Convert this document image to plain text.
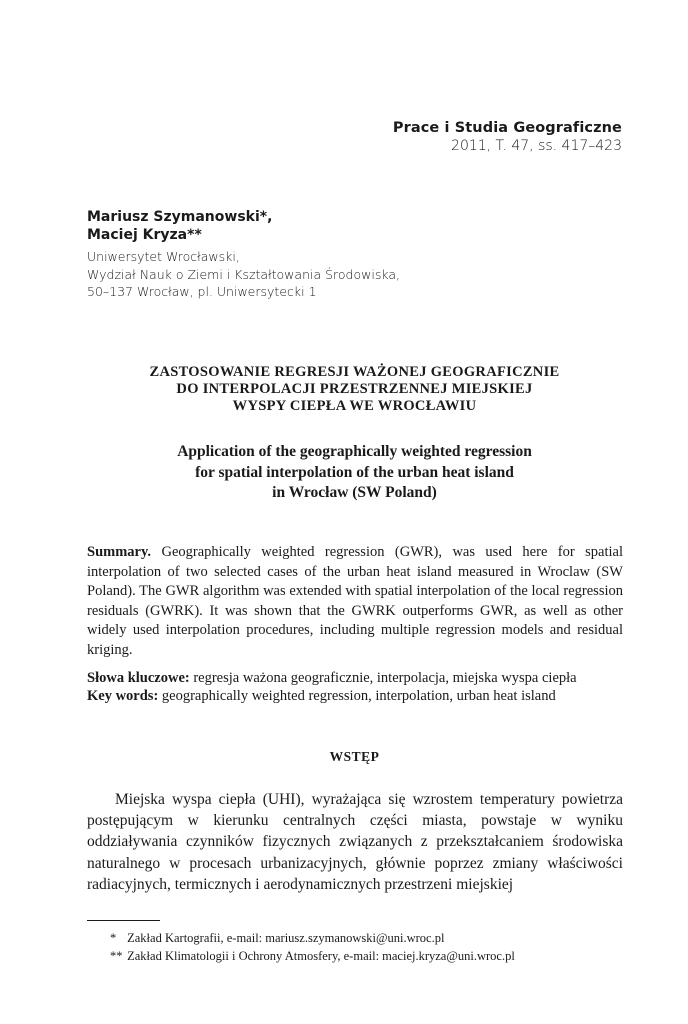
Prace i Studia Geograficzne
2011, T. 47, ss. 417–423
Mariusz Szymanowski*,
Maciej Kryza**
Uniwersytet Wrocławski,
Wydział Nauk o Ziemi i Kształtowania Środowiska,
50–137 Wrocław, pl. Uniwersytecki 1
ZASTOSOWANIE REGRESJI WAŻONEJ GEOGRAFICZNIE
DO INTERPOLACJI PRZESTRZENNEJ MIEJSKIEJ
WYSPY CIEPŁA WE WROCŁAWIU
Application of the geographically weighted regression
for spatial interpolation of the urban heat island
in Wrocław (SW Poland)
Summary. Geographically weighted regression (GWR), was used here for spatial interpolation of two selected cases of the urban heat island measured in Wroclaw (SW Poland). The GWR algorithm was extended with spatial interpolation of the local regression residuals (GWRK). It was shown that the GWRK outperforms GWR, as well as other widely used interpolation procedures, including multiple regression models and residual kriging.
Słowa kluczowe: regresja ważona geograficznie, interpolacja, miejska wyspa ciepła
Key words: geographically weighted regression, interpolation, urban heat island
WSTĘP
Miejska wyspa ciepła (UHI), wyrażająca się wzrostem temperatury powietrza postępującym w kierunku centralnych części miasta, powstaje w wyniku oddziaływania czynników fizycznych związanych z przekształcaniem środowiska naturalnego w procesach urbanizacyjnych, głównie poprzez zmiany właściwości radiacyjnych, termicznych i aerodynamicznych przestrzeni miejskiej
* Zakład Kartografii, e-mail: mariusz.szymanowski@uni.wroc.pl
** Zakład Klimatologii i Ochrony Atmosfery, e-mail: maciej.kryza@uni.wroc.pl
